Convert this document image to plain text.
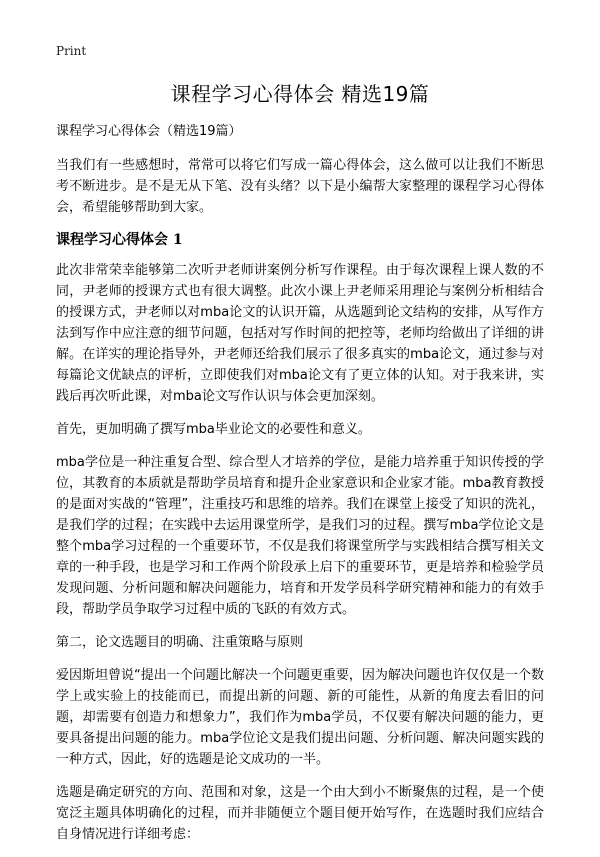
Print
课程学习心得体会 精选19篇

课程学习心得体会（精选19篇）

当我们有一些感想时，常常可以将它们写成一篇心得体会，这么做可以让我们不断思考不断进步。是不是无从下笔、没有头绪？以下是小编帮大家整理的课程学习心得体会，希望能够帮助到大家。

课程学习心得体会 1

此次非常荣幸能够第二次听尹老师讲案例分析写作课程。由于每次课程上课人数的不同，尹老师的授课方式也有很大调整。此次小课上尹老师采用理论与案例分析相结合的授课方式，尹老师以对mba论文的认识开篇，从选题到论文结构的安排，从写作方法到写作中应注意的细节问题，包括对写作时间的把控等，老师均给做出了详细的讲解。在详实的理论指导外，尹老师还给我们展示了很多真实的mba论文，通过参与对每篇论文优缺点的评析，立即使我们对mba论文有了更立体的认知。对于我来讲，实践后再次听此课，对mba论文写作认识与体会更加深刻。

首先，更加明确了撰写mba毕业论文的必要性和意义。

mba学位是一种注重复合型、综合型人才培养的学位，是能力培养重于知识传授的学位，其教育的本质就是帮助学员培育和提升企业家意识和企业家才能。mba教育教授的是面对实战的“管理”，注重技巧和思维的培养。我们在课堂上接受了知识的洗礼，是我们学的过程；在实践中去运用课堂所学，是我们习的过程。撰写mba学位论文是整个mba学习过程的一个重要环节，不仅是我们将课堂所学与实践相结合撰写相关文章的一种手段，也是学习和工作两个阶段承上启下的重要环节，更是培养和检验学员发现问题、分析问题和解决问题能力，培育和开发学员科学研究精神和能力的有效手段，帮助学员争取学习过程中质的飞跃的有效方式。

第二，论文选题目的明确、注重策略与原则

爱因斯坦曾说“提出一个问题比解决一个问题更重要，因为解决问题也许仅仅是一个数学上或实验上的技能而已，而提出新的问题、新的可能性，从新的角度去看旧的问题，却需要有创造力和想象力”，我们作为mba学员，不仅要有解决问题的能力，更要具备提出问题的能力。mba学位论文是我们提出问题、分析问题、解决问题实践的一种方式，因此，好的选题是论文成功的一半。

选题是确定研究的方向、范围和对象，这是一个由大到小不断聚焦的过程，是一个使宽泛主题具体明确化的过程，而并非随便立个题目便开始写作，在选题时我们应结合自身情况进行详细考虑：
